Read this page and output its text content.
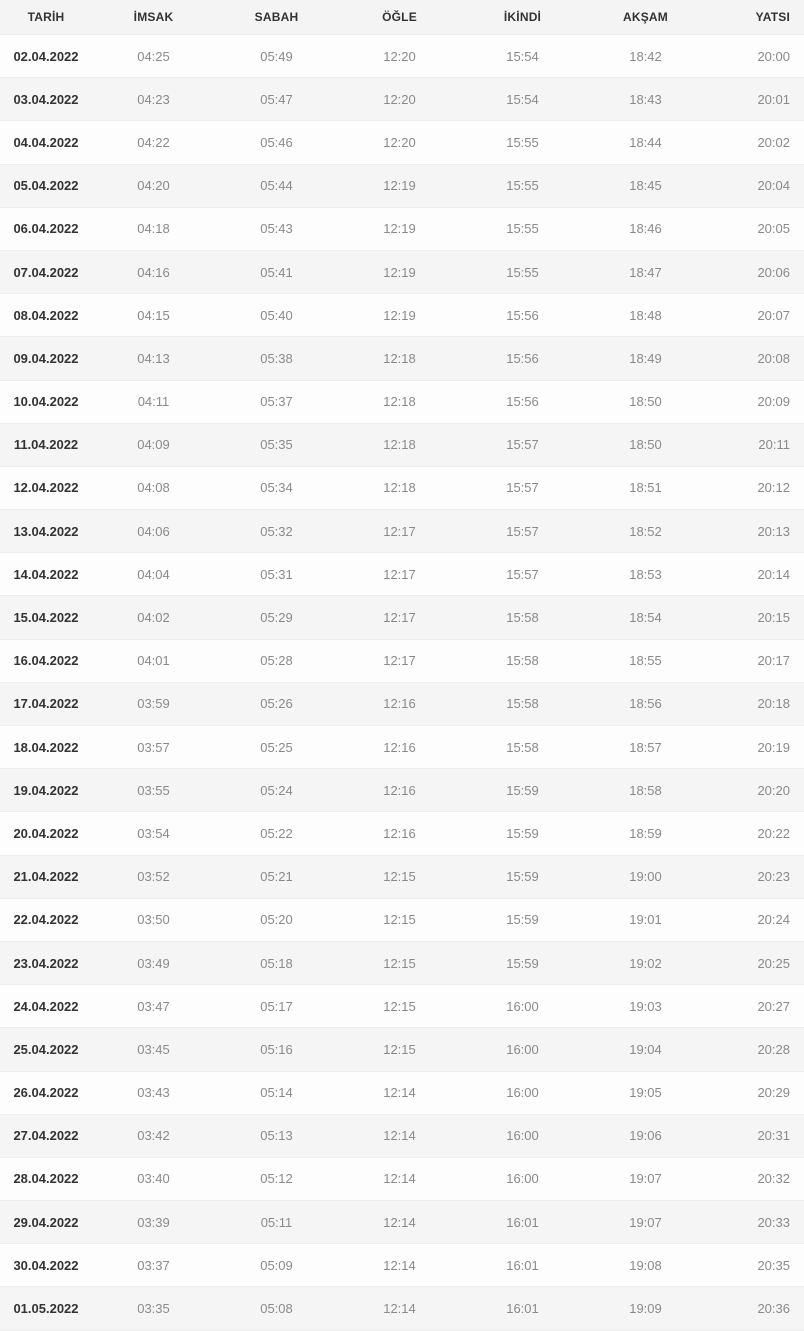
TARİH	İMSAK	SABAH	ÖĞLE	İKİNDİ	AKŞAM	YATSI
02.04.2022	04:25	05:49	12:20	15:54	18:42	20:00
03.04.2022	04:23	05:47	12:20	15:54	18:43	20:01
04.04.2022	04:22	05:46	12:20	15:55	18:44	20:02
05.04.2022	04:20	05:44	12:19	15:55	18:45	20:04
06.04.2022	04:18	05:43	12:19	15:55	18:46	20:05
07.04.2022	04:16	05:41	12:19	15:55	18:47	20:06
08.04.2022	04:15	05:40	12:19	15:56	18:48	20:07
09.04.2022	04:13	05:38	12:18	15:56	18:49	20:08
10.04.2022	04:11	05:37	12:18	15:56	18:50	20:09
11.04.2022	04:09	05:35	12:18	15:57	18:50	20:11
12.04.2022	04:08	05:34	12:18	15:57	18:51	20:12
13.04.2022	04:06	05:32	12:17	15:57	18:52	20:13
14.04.2022	04:04	05:31	12:17	15:57	18:53	20:14
15.04.2022	04:02	05:29	12:17	15:58	18:54	20:15
16.04.2022	04:01	05:28	12:17	15:58	18:55	20:17
17.04.2022	03:59	05:26	12:16	15:58	18:56	20:18
18.04.2022	03:57	05:25	12:16	15:58	18:57	20:19
19.04.2022	03:55	05:24	12:16	15:59	18:58	20:20
20.04.2022	03:54	05:22	12:16	15:59	18:59	20:22
21.04.2022	03:52	05:21	12:15	15:59	19:00	20:23
22.04.2022	03:50	05:20	12:15	15:59	19:01	20:24
23.04.2022	03:49	05:18	12:15	15:59	19:02	20:25
24.04.2022	03:47	05:17	12:15	16:00	19:03	20:27
25.04.2022	03:45	05:16	12:15	16:00	19:04	20:28
26.04.2022	03:43	05:14	12:14	16:00	19:05	20:29
27.04.2022	03:42	05:13	12:14	16:00	19:06	20:31
28.04.2022	03:40	05:12	12:14	16:00	19:07	20:32
29.04.2022	03:39	05:11	12:14	16:01	19:07	20:33
30.04.2022	03:37	05:09	12:14	16:01	19:08	20:35
01.05.2022	03:35	05:08	12:14	16:01	19:09	20:36
